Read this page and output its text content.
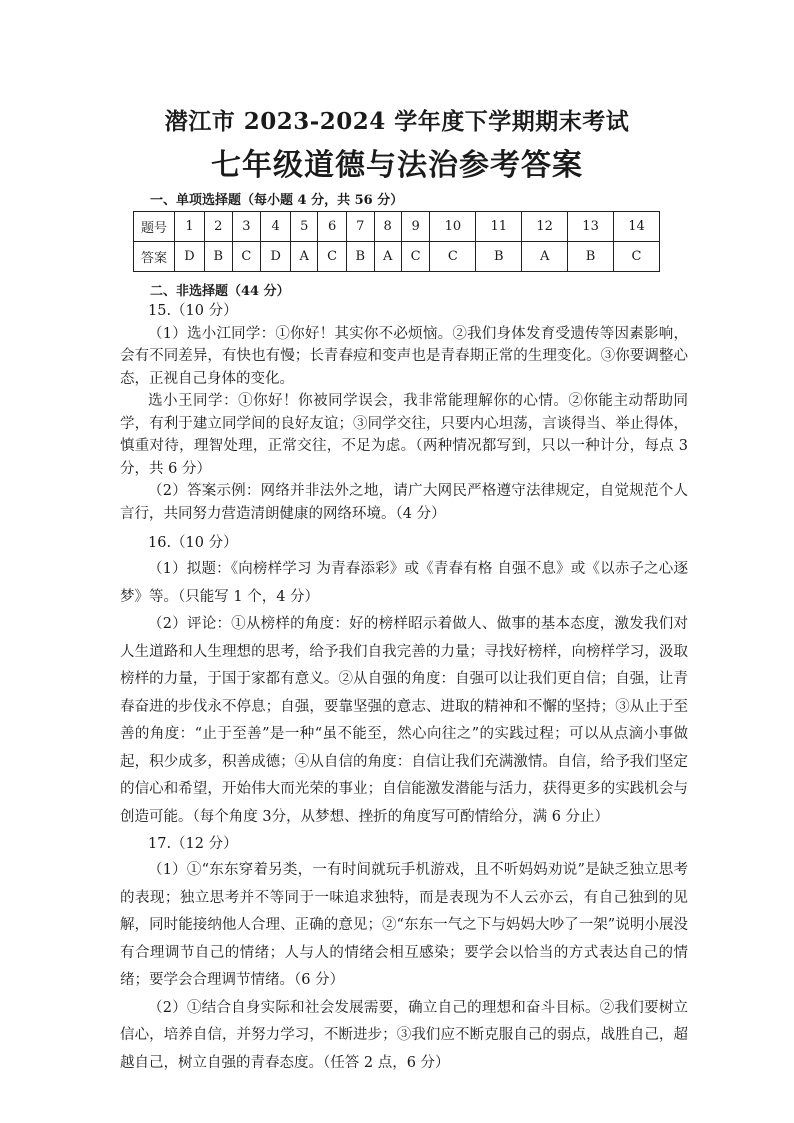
潜江市 2023-2024 学年度下学期期末考试
七年级道德与法治参考答案
一、单项选择题（每小题 4 分，共 56 分）
题号	1	2	3	4	5	6	7	8	9	10	11	12	13	14
答案	D	B	C	D	A	C	B	A	C	C	B	A	B	C
二、非选择题（44 分）

15.（10 分）

（1）选小江同学：①你好！其实你不必烦恼。②我们身体发育受遗传等因素影响，会有不同差异，有快也有慢；长青春痘和变声也是青春期正常的生理变化。③你要调整心态，正视自己身体的变化。

选小王同学：①你好！你被同学误会，我非常能理解你的心情。②你能主动帮助同学，有利于建立同学间的良好友谊；③同学交往，只要内心坦荡，言谈得当、举止得体，慎重对待，理智处理，正常交往，不足为虑。（两种情况都写到，只以一种计分，每点 3 分，共 6 分）

（2）答案示例：网络并非法外之地，请广大网民严格遵守法律规定，自觉规范个人言行，共同努力营造清朗健康的网络环境。（4 分）

16.（10 分）

（1）拟题：《向榜样学习 为青春添彩》或《青春有格 自强不息》或《以赤子之心逐梦》等。（只能写 1 个，4 分）

（2）评论：①从榜样的角度：好的榜样昭示着做人、做事的基本态度，激发我们对人生道路和人生理想的思考，给予我们自我完善的力量；寻找好榜样，向榜样学习，汲取榜样的力量，于国于家都有意义。②从自强的角度：自强可以让我们更自信；自强，让青春奋进的步伐永不停息；自强，要靠坚强的意志、进取的精神和不懈的坚持；③从止于至善的角度：“止于至善”是一种“虽不能至，然心向往之”的实践过程；可以从点滴小事做起，积少成多，积善成德；④从自信的角度：自信让我们充满激情。自信，给予我们坚定的信心和希望，开始伟大而光荣的事业；自信能激发潜能与活力，获得更多的实践机会与创造可能。（每个角度 3分，从梦想、挫折的角度写可酌情给分，满 6 分止）

17.（12 分）

（1）①“东东穿着另类，一有时间就玩手机游戏，且不听妈妈劝说”是缺乏独立思考的表现；独立思考并不等同于一味追求独特，而是表现为不人云亦云，有自己独到的见解，同时能接纳他人合理、正确的意见；②“东东一气之下与妈妈大吵了一架”说明小展没有合理调节自己的情绪；人与人的情绪会相互感染；要学会以恰当的方式表达自己的情绪；要学会合理调节情绪。（6 分）

（2）①结合自身实际和社会发展需要，确立自己的理想和奋斗目标。②我们要树立信心，培养自信，并努力学习，不断进步；③我们应不断克服自己的弱点，战胜自己，超越自己，树立自强的青春态度。（任答 2 点，6 分）
